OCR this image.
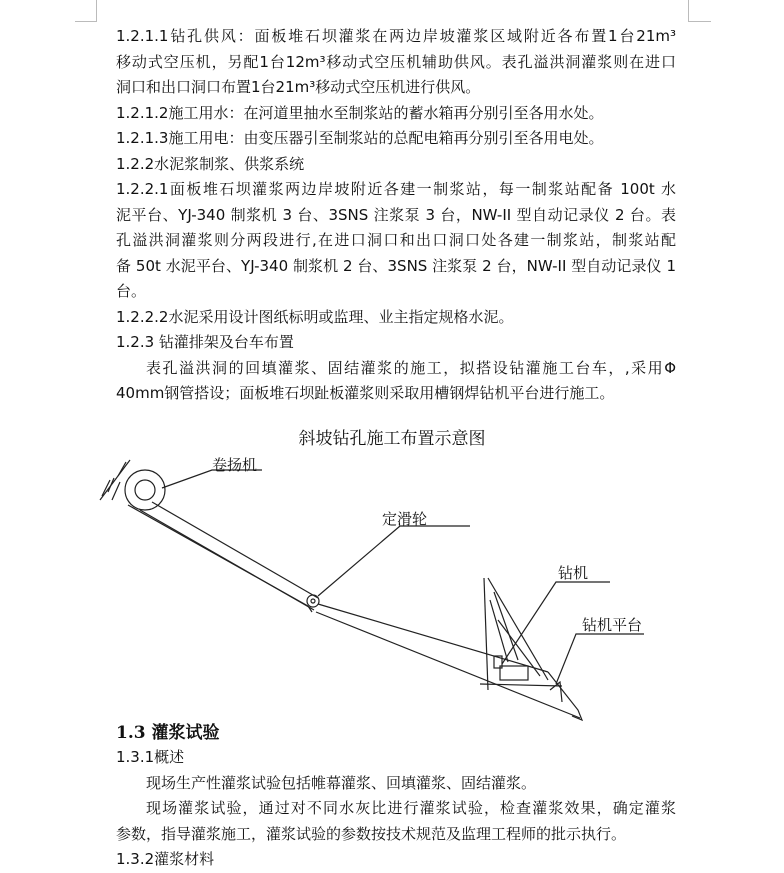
1.2.1.1钻孔供风：面板堆石坝灌浆在两边岸坡灌浆区域附近各布置1台21m³

移动式空压机，另配1台12m³移动式空压机辅助供风。表孔溢洪洞灌浆则在进口

洞口和出口洞口布置1台21m³移动式空压机进行供风。

1.2.1.2施工用水：在河道里抽水至制浆站的蓄水箱再分别引至各用水处。

1.2.1.3施工用电：由变压器引至制浆站的总配电箱再分别引至各用电处。

1.2.2水泥浆制浆、供浆系统

1.2.2.1面板堆石坝灌浆两边岸坡附近各建一制浆站，每一制浆站配备 100t 水

泥平台、YJ-340 制浆机 3 台、3SNS 注浆泵 3 台，NW-II 型自动记录仪 2 台。表

孔溢洪洞灌浆则分两段进行,在进口洞口和出口洞口处各建一制浆站，制浆站配

备 50t 水泥平台、YJ-340 制浆机 2 台、3SNS 注浆泵 2 台，NW-II 型自动记录仪 1

台。

1.2.2.2水泥采用设计图纸标明或监理、业主指定规格水泥。

1.2.3 钻灌排架及台车布置

表孔溢洪洞的回填灌浆、固结灌浆的施工，拟搭设钻灌施工台车，,采用Φ

40mm钢管搭设；面板堆石坝趾板灌浆则采取用槽钢焊钻机平台进行施工。

斜坡钻孔施工布置示意图
卷扬机
定滑轮
钻机
钻机平台
1.3 灌浆试验

1.3.1概述

现场生产性灌浆试验包括帷幕灌浆、回填灌浆、固结灌浆。

现场灌浆试验，通过对不同水灰比进行灌浆试验，检查灌浆效果，确定灌浆

参数，指导灌浆施工，灌浆试验的参数按技术规范及监理工程师的批示执行。

1.3.2灌浆材料
